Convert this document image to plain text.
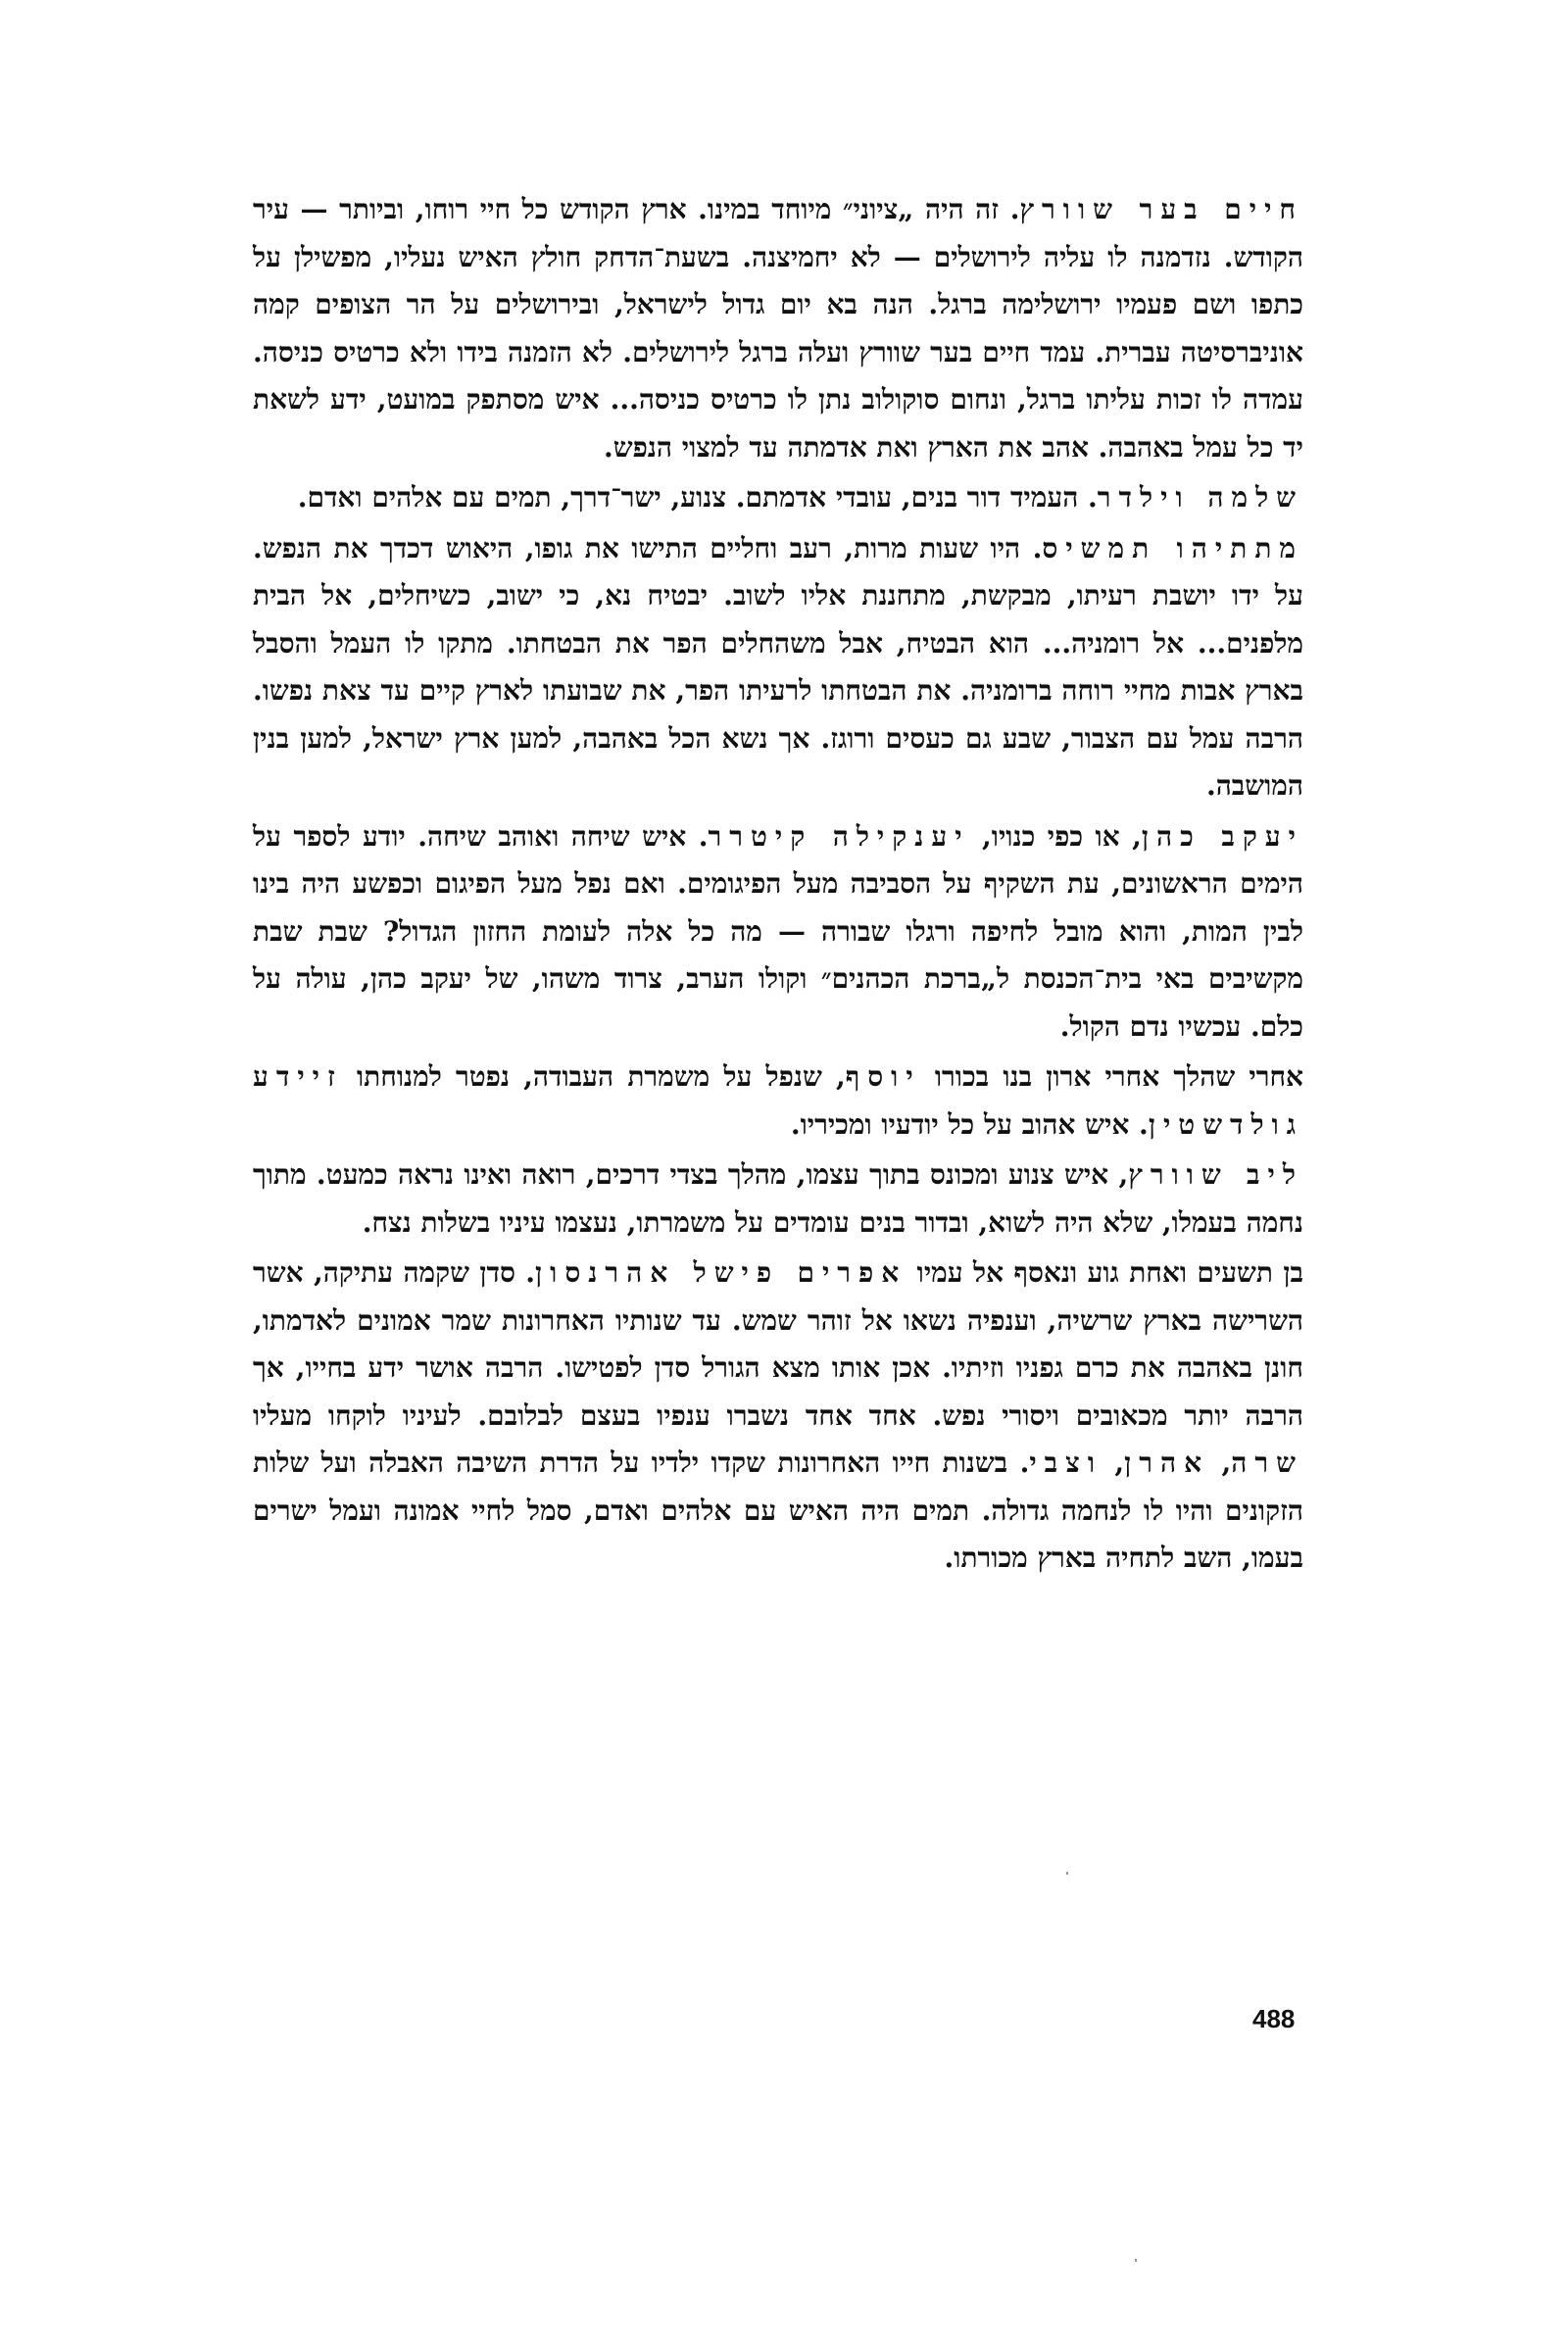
חיים בער שוורץ. זה היה „ציוני״ מיוחד במינו. ארץ הקודש כל חיי רוחו, וביותר — עיר הקודש. נזדמנה לו עליה לירושלים — לא יחמיצנה. בשעת־הדחק חולץ האיש נעליו, מפשילן על כתפו ושם פעמיו ירושלימה ברגל. הנה בא יום גדול לישראל, ובירושלים על הר הצופים קמה אוניברסיטה עברית. עמד חיים בער שוורץ ועלה ברגל לירושלים. לא הזמנה בידו ולא כרטיס כניסה. עמדה לו זכות עליתו ברגל, ונחום סוקולוב נתן לו כרטיס כניסה... איש מסתפק במועט, ידע לשאת יד כל עמל באהבה. אהב את הארץ ואת אדמתה עד למצוי הנפש.

שלמה וילדר. העמיד דור בנים, עובדי אדמתם. צנוע, ישר־דרך, תמים עם אלהים ואדם.

מתתיהו תמשיס. היו שעות מרות, רעב וחליים התישו את גופו, היאוש דכדך את הנפש. על ידו יושבת רעיתו, מבקשת, מתחננת אליו לשוב. יבטיח נא, כי ישוב, כשיחלים, אל הבית מלפנים... אל רומניה... הוא הבטיח, אבל משהחלים הפר את הבטחתו. מתקו לו העמל והסבל בארץ אבות מחיי רוחה ברומניה. את הבטחתו לרעיתו הפר, את שבועתו לארץ קיים עד צאת נפשו. הרבה עמל עם הצבור, שבע גם כעסים ורוגז. אך נשא הכל באהבה, למען ארץ ישראל, למען בנין המושבה.

יעקב כהן, או כפי כנויו, יענקילה קיטרר. איש שיחה ואוהב שיחה. יודע לספר על הימים הראשונים, עת השקיף על הסביבה מעל הפיגומים. ואם נפל מעל הפיגום וכפשע היה בינו לבין המות, והוא מובל לחיפה ורגלו שבורה — מה כל אלה לעומת החזון הגדול? שבת שבת מקשיבים באי בית־הכנסת ל„ברכת הכהנים״ וקולו הערב, צרוד משהו, של יעקב כהן, עולה על כלם. עכשיו נדם הקול.

אחרי שהלך אחרי ארון בנו בכורו יוסף, שנפל על משמרת העבודה, נפטר למנוחתו זיידע גולדשטין. איש אהוב על כל יודעיו ומכיריו.

ליב שוורץ, איש צנוע ומכונס בתוך עצמו, מהלך בצדי דרכים, רואה ואינו נראה כמעט. מתוך נחמה בעמלו, שלא היה לשוא, ובדור בנים עומדים על משמרתו, נעצמו עיניו בשלות נצח.

בן תשעים ואחת גוע ונאסף אל עמיו אפרים פישל אהרנסון. סדן שקמה עתיקה, אשר השרישה בארץ שרשיה, וענפיה נשאו אל זוהר שמש. עד שנותיו האחרונות שמר אמונים לאדמתו, חונן באהבה את כרם גפניו וזיתיו. אכן אותו מצא הגורל סדן לפטישו. הרבה אושר ידע בחייו, אך הרבה יותר מכאובים ויסורי נפש. אחד אחד נשברו ענפיו בעצם לבלובם. לעיניו לוקחו מעליו שרה, אהרן, וצבי. בשנות חייו האחרונות שקדו ילדיו על הדרת השיבה האבלה ועל שלות הזקונים והיו לו לנחמה גדולה. תמים היה האיש עם אלהים ואדם, סמל לחיי אמונה ועמל ישרים בעמו, השב לתחיה בארץ מכורתו.

488
